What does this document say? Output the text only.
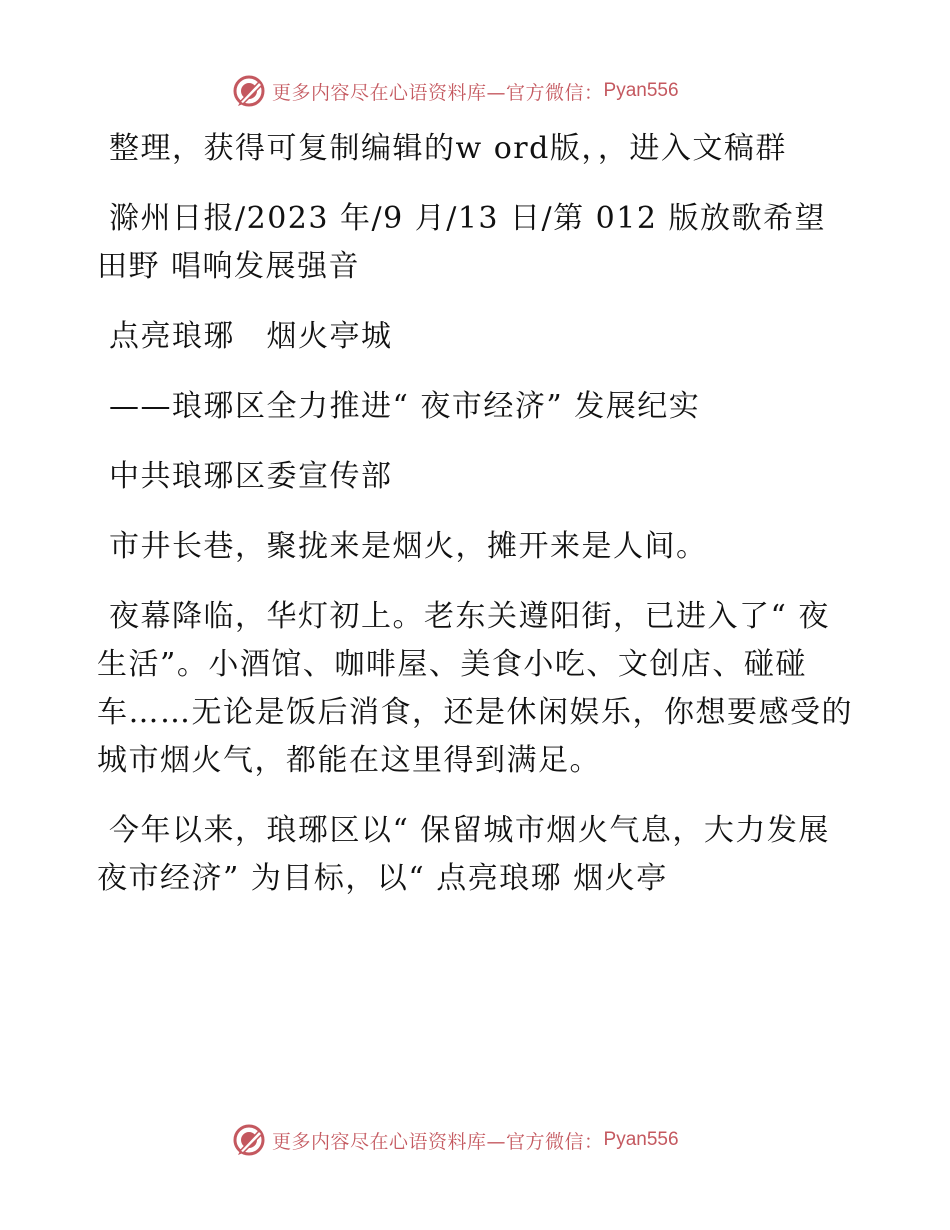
更多内容尽在心语资料库—官方微信： Pyan556

整理，获得可复制编辑的w ord版，，进入文稿群

滁州日报/2023 年/9 月/13 日/第 012 版放歌希望田野 唱响发展强音

点亮琅琊　烟火亭城

——琅琊区全力推进“ 夜市经济” 发展纪实

中共琅琊区委宣传部

市井长巷，聚拢来是烟火，摊开来是人间。

夜幕降临，华灯初上。老东关遵阳街，已进入了“ 夜生活”。小酒馆、咖啡屋、美食小吃、文创店、碰碰车……无论是饭后消食，还是休闲娱乐，你想要感受的城市烟火气，都能在这里得到满足。

今年以来，琅琊区以“ 保留城市烟火气息，大力发展夜市经济” 为目标，以“ 点亮琅琊 烟火亭

更多内容尽在心语资料库—官方微信： Pyan556
